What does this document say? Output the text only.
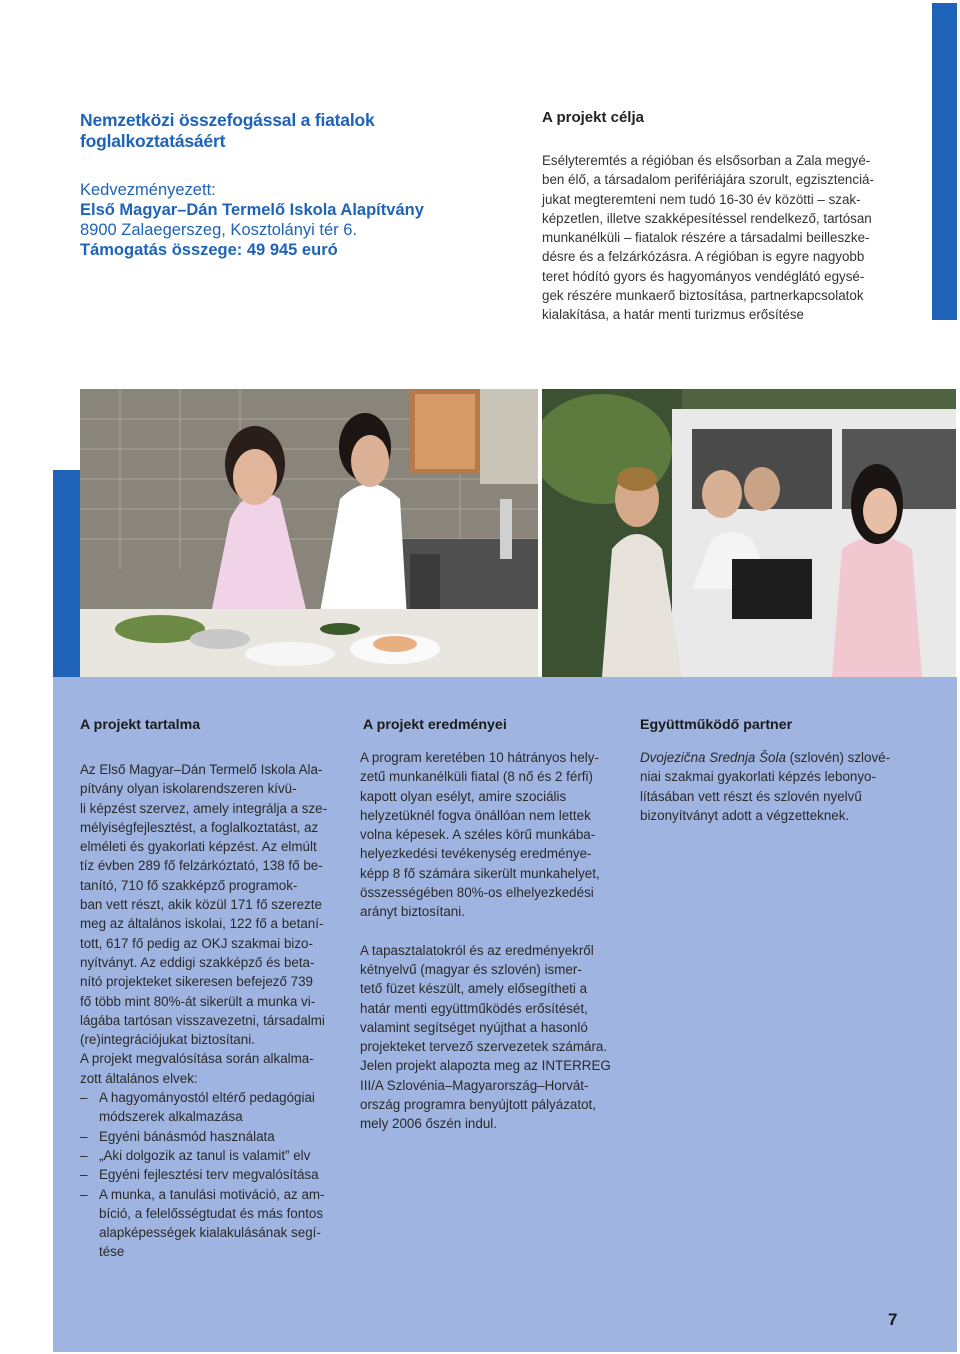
Nemzetközi összefogással a fiatalok foglalkoztatásáért
Kedvezményezett:
Első Magyar–Dán Termelő Iskola Alapítvány
8900 Zalaegerszeg, Kosztolányi tér 6.
Támogatás összege: 49 945 euró
A projekt célja
Esélyteremtés a régióban és elsősorban a Zala megyé-
ben élő, a társadalom perifériájára szorult, egzisztenciá-
jukat megteremteni nem tudó 16-30 év közötti – szak-
képzetlen, illetve szakképesítéssel rendelkező, tartósan
munkanélküli – fiatalok részére a társadalmi beilleszke-
désre és a felzárkózásra. A régióban is egyre nagyobb
teret hódító gyors és hagyományos vendéglátó egysé-
gek részére munkaerő biztosítása, partnerkapcsolatok
kialakítása, a határ menti turizmus erősítése
A projekt tartalma	A projekt eredményei	Együttműködő partner
Az Első Magyar–Dán Termelő Iskola Ala-
pítvány olyan iskolarendszeren kívü-
li képzést szervez, amely integrálja a sze-
mélyiségfejlesztést, a foglalkoztatást, az
elméleti és gyakorlati képzést. Az elmúlt
tíz évben 289 fő felzárkóztató, 138 fő be-
tanító, 710 fő szakképző programok-
ban vett részt, akik közül 171 fő szerezte
meg az általános iskolai, 122 fő a betaní-
tott, 617 fő pedig az OKJ szakmai bizo-
nyítványt. Az eddigi szakképző és beta-
nító projekteket sikeresen befejező 739
fő több mint 80%-át sikerült a munka vi-
lágába tartósan visszavezetni, társadalmi
(re)integrációjukat biztosítani.
A projekt megvalósítása során alkalma-
zott általános elvek:
– A hagyományostól eltérő pedagógiai
módszerek alkalmazása
– Egyéni bánásmód használata
– „Aki dolgozik az tanul is valamit” elv
– Egyéni fejlesztési terv megvalósítása
– A munka, a tanulási motiváció, az am-
bíció, a felelősségtudat és más fontos
alapképességek kialakulásának segí-
tése
A program keretében 10 hátrányos hely-
zetű munkanélküli fiatal (8 nő és 2 férfi)
kapott olyan esélyt, amire szociális
helyzetüknél fogva önállóan nem lettek
volna képesek. A széles körű munkába-
helyezkedési tevékenység eredménye-
képp 8 fő számára sikerült munkahelyet,
összességében 80%-os elhelyezkedési
arányt biztosítani.
A tapasztalatokról és az eredményekről
kétnyelvű (magyar és szlovén) ismer-
tető füzet készült, amely elősegítheti a
határ menti együttműködés erősítését,
valamint segítséget nyújthat a hasonló
projekteket tervező szervezetek számára.
Jelen projekt alapozta meg az INTERREG
III/A Szlovénia–Magyarország–Horvát-
ország programra benyújtott pályázatot,
mely 2006 őszén indul.
Dvojezična Srednja Šola (szlovén) szlové-
niai szakmai gyakorlati képzés lebonyo-
lításában vett részt és szlovén nyelvű
bizonyítványt adott a végzetteknek.
7
